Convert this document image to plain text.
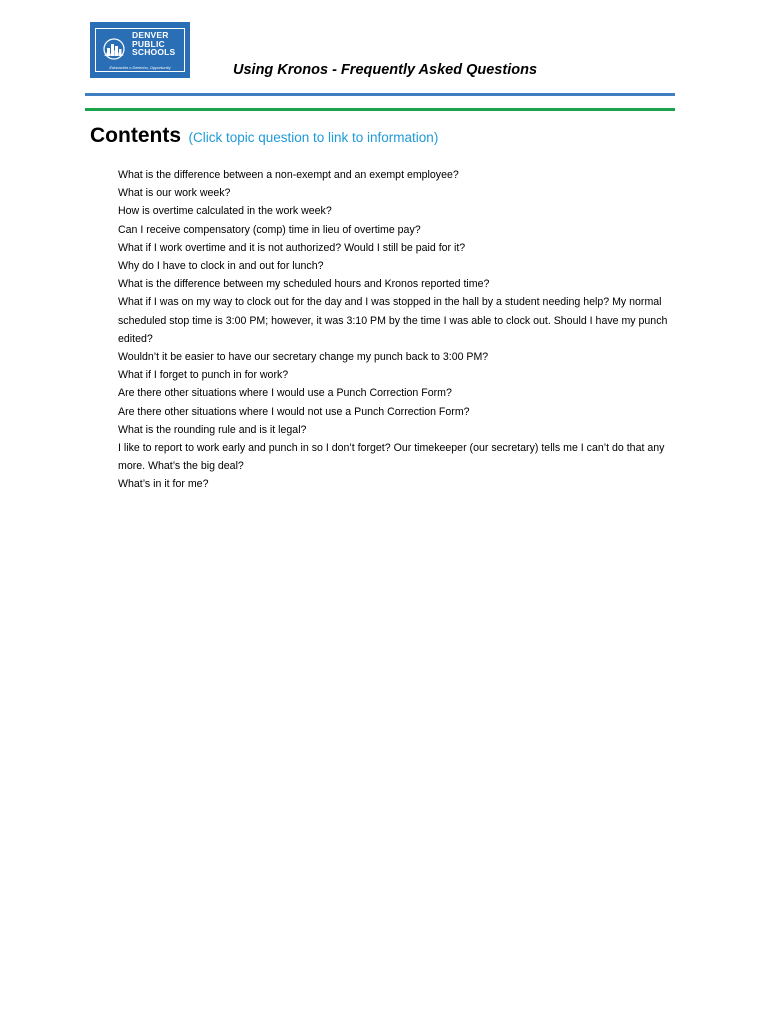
DENVER
PUBLIC
SCHOOLS
Educación o Derecho, Opportunity	Using Kronos - Frequently Asked Questions
Contents (Click topic question to link to information)
What is the difference between a non-exempt and an exempt employee?
What is our work week?
How is overtime calculated in the work week?
Can I receive compensatory (comp) time in lieu of overtime pay?
What if I work overtime and it is not authorized? Would I still be paid for it?
Why do I have to clock in and out for lunch?
What is the difference between my scheduled hours and Kronos reported time?
What if I was on my way to clock out for the day and I was stopped in the hall by a student needing help? My normal scheduled stop time is 3:00 PM; however, it was 3:10 PM by the time I was able to clock out. Should I have my punch edited?
Wouldn’t it be easier to have our secretary change my punch back to 3:00 PM?
What if I forget to punch in for work?
Are there other situations where I would use a Punch Correction Form?
Are there other situations where I would not use a Punch Correction Form?
What is the rounding rule and is it legal?
I like to report to work early and punch in so I don’t forget? Our timekeeper (our secretary) tells me I can’t do that any more. What’s the big deal?
What’s in it for me?
